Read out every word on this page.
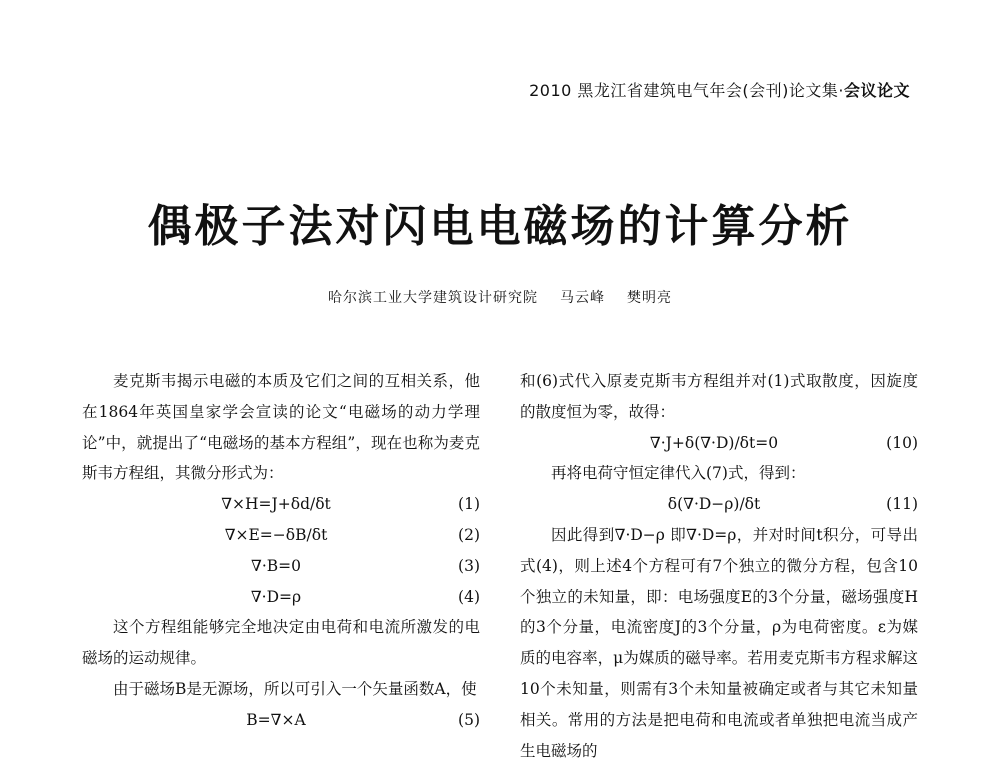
2010 黑龙江省建筑电气年会(会刊)论文集·会议论文
偶极子法对闪电电磁场的计算分析
哈尔滨工业大学建筑设计研究院 马云峰 樊明亮

麦克斯韦揭示电磁的本质及它们之间的互相关系，他在1864年英国皇家学会宣读的论文“电磁场的动力学理论”中，就提出了“电磁场的基本方程组”，现在也称为麦克斯韦方程组，其微分形式为：

∇×H=J+δd/δt	(1)
∇×E=−δB/δt	(2)
∇·B=0	(3)
∇·D=ρ	(4)

这个方程组能够完全地决定由电荷和电流所激发的电磁场的运动规律。

由于磁场B是无源场，所以可引入一个矢量函数A，使

B=∇×A	(5)

和(6)式代入原麦克斯韦方程组并对(1)式取散度，因旋度的散度恒为零，故得：

∇·J+δ(∇·D)/δt=0	(10)

再将电荷守恒定律代入(7)式，得到：

δ(∇·D−ρ)/δt	(11)

因此得到∇·D−ρ 即∇·D=ρ，并对时间t积分，可导出式(4)，则上述4个方程可有7个独立的微分方程，包含10个独立的未知量，即：电场强度E的3个分量，磁场强度H的3个分量，电流密度J的3个分量，ρ为电荷密度。ε为媒质的电容率，μ为媒质的磁导率。若用麦克斯韦方程求解这10个未知量，则需有3个未知量被确定或者与其它未知量相关。常用的方法是把电荷和电流或者单独把电流当成产生电磁场的
